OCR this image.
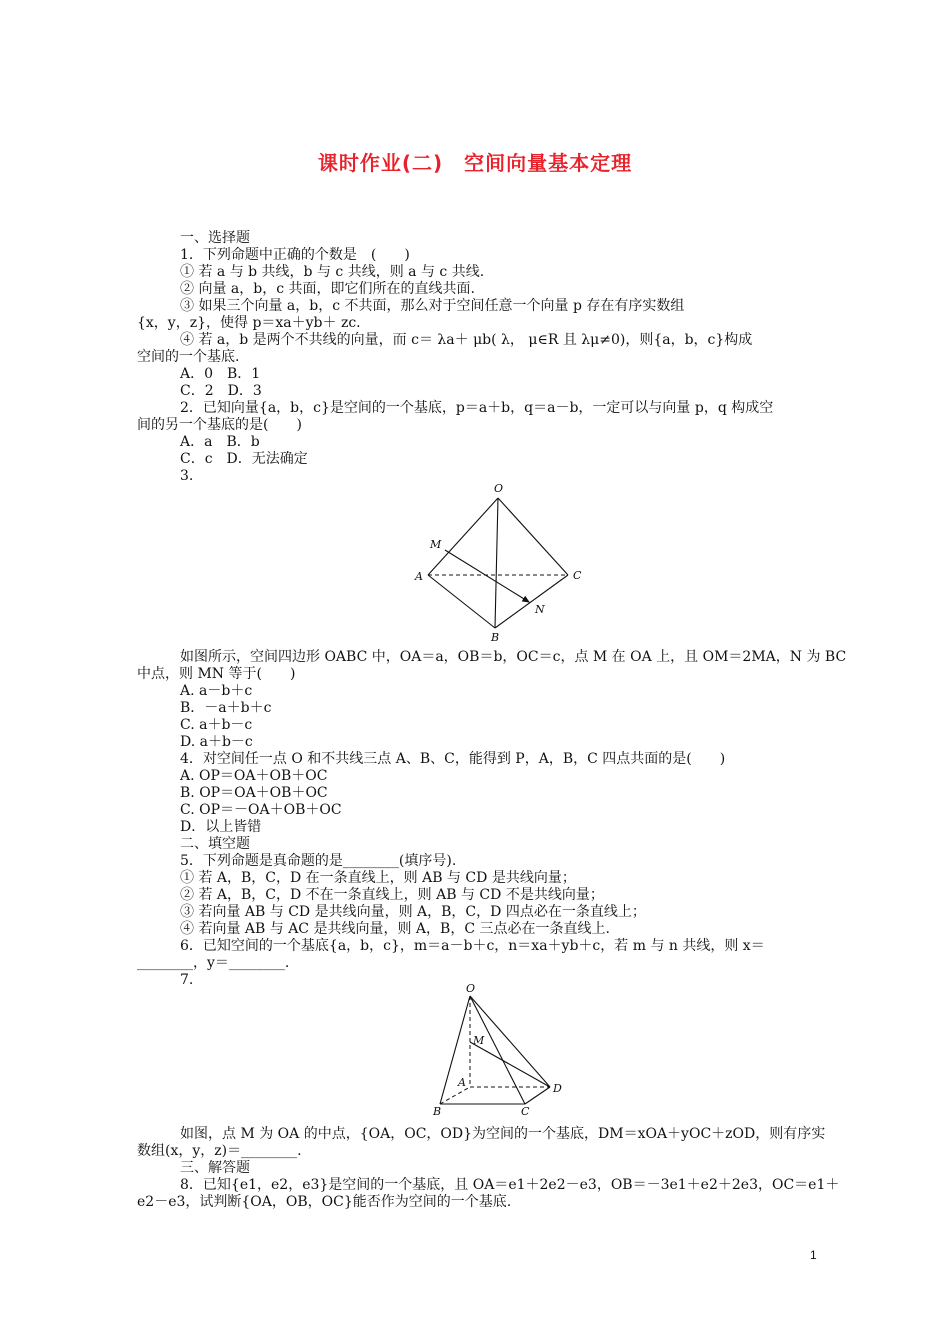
课时作业(二)　空间向量基本定理
一、选择题
1．下列命题中正确的个数是　(　　)
① 若 a 与 b 共线，b 与 c 共线，则 a 与 c 共线.
② 向量 a，b，c 共面，即它们所在的直线共面.
③ 如果三个向量 a，b，c 不共面，那么对于空间任意一个向量 p 存在有序实数组
{x，y，z}，使得 p＝xa＋yb＋ zc.
④ 若 a，b 是两个不共线的向量，而 c＝ λa＋ μb( λ， μ∈R 且 λμ≠0)，则{a，b，c}构成
空间的一个基底.
A．0　B．1
C．2　D．3
2．已知向量{a，b，c}是空间的一个基底，p＝a＋b，q＝a－b，一定可以与向量 p，q 构成空
间的另一个基底的是(　　)
A．a　B．b
C．c　D．无法确定
3.
O
M
A	C
N
B
如图所示，空间四边形 OABC 中，OA＝a，OB＝b，OC＝c，点 M 在 OA 上，且 OM＝2MA，N 为 BC
中点，则 MN 等于(　　)
A. a－b＋c
B．－a＋b＋c
C. a＋b－c
D. a＋b－c
4．对空间任一点 O 和不共线三点 A、B、C，能得到 P，A，B，C 四点共面的是(　　)
A. OP＝OA＋OB＋OC
B. OP＝OA＋OB＋OC
C. OP＝－OA＋OB＋OC
D．以上皆错
二、填空题
5．下列命题是真命题的是________(填序号).
① 若 A，B，C，D 在一条直线上，则 AB 与 CD 是共线向量；
② 若 A，B，C，D 不在一条直线上，则 AB 与 CD 不是共线向量；
③ 若向量 AB 与 CD 是共线向量，则 A，B，C，D 四点必在一条直线上；
④ 若向量 AB 与 AC 是共线向量，则 A，B，C 三点必在一条直线上.
6．已知空间的一个基底{a，b，c}，m＝a－b＋c，n＝xa＋yb＋c，若 m 与 n 共线，则 x＝
________，y＝________.
7.
O
M
A	D
B	C
如图，点 M 为 OA 的中点，{OA，OC，OD}为空间的一个基底，DM＝xOA＋yOC＋zOD，则有序实
数组(x，y，z)＝________.
三、解答题
8．已知{e1，e2，e3}是空间的一个基底，且 OA＝e1＋2e2－e3，OB＝－3e1＋e2＋2e3，OC＝e1＋
e2－e3，试判断{OA，OB，OC}能否作为空间的一个基底.
1
